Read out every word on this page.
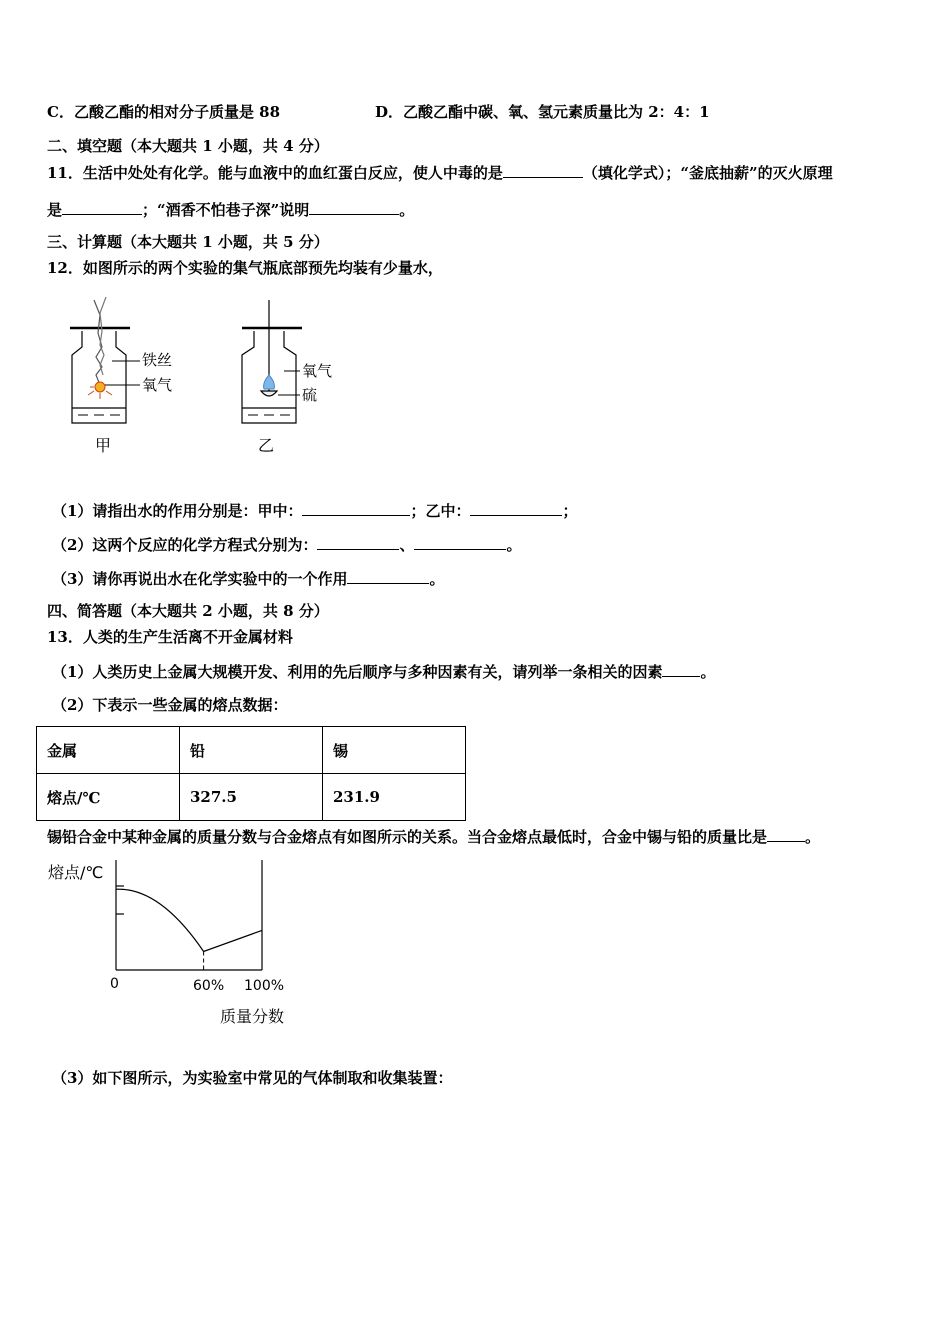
C．乙酸乙酯的相对分子质量是 88	D．乙酸乙酯中碳、氧、氢元素质量比为 2：4：1
二、填空题（本大题共 1 小题，共 4 分）
11．生活中处处有化学。能与血液中的血红蛋白反应，使人中毒的是	（填化学式）；“釜底抽薪”的灭火原理
是	；“酒香不怕巷子深”说明	。
三、计算题（本大题共 1 小题，共 5 分）
12．如图所示的两个实验的集气瓶底部预先均装有少量水，
铁丝
氧气
甲
氧气
硫
乙
（1）请指出水的作用分别是：甲中：	；乙中：	；
（2）这两个反应的化学方程式分别为：	、	。
（3）请你再说出水在化学实验中的一个作用	。
四、简答题（本大题共 2 小题，共 8 分）
13．人类的生产生活离不开金属材料
（1）人类历史上金属大规模开发、利用的先后顺序与多种因素有关，请列举一条相关的因素	。
（2）下表示一些金属的熔点数据：
金属	铅	锡
熔点/℃	327.5	231.9
锡铅合金中某种金属的质量分数与合金熔点有如图所示的关系。当合金熔点最低时，合金中锡与铅的质量比是	。
熔点/℃
0	60% 100%
质量分数
（3）如下图所示，为实验室中常见的气体制取和收集装置：
